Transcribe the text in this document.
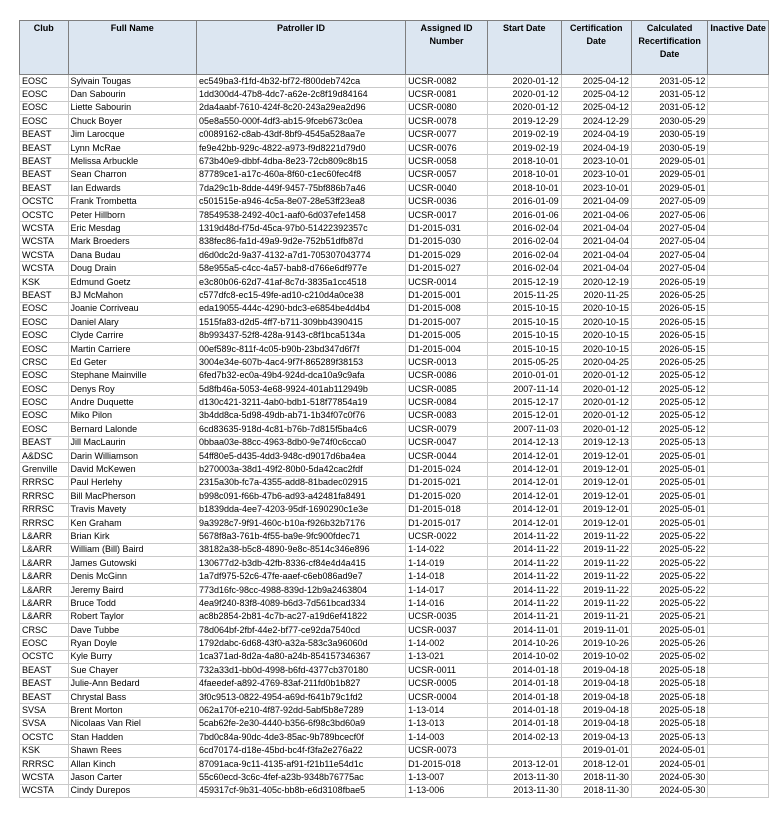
Club	Full Name	Patroller ID	Assigned ID Number	Start Date	Certification Date	Calculated Recertification Date	Inactive Date
EOSC	Sylvain Tougas	ec549ba3-f1fd-4b32-bf72-f800deb742ca	UCSR-0082	2020-01-12	2025-04-12	2031-05-12	
EOSC	Dan Sabourin	1dd300d4-47b8-4dc7-a62e-2c8f19d84164	UCSR-0081	2020-01-12	2025-04-12	2031-05-12	
EOSC	Liette Sabourin	2da4aabf-7610-424f-8c20-243a29ea2d96	UCSR-0080	2020-01-12	2025-04-12	2031-05-12	
EOSC	Chuck Boyer	05e8a550-000f-4df3-ab15-9fceb673c0ea	UCSR-0078	2019-12-29	2024-12-29	2030-05-29	
BEAST	Jim Larocque	c0089162-c8ab-43df-8bf9-4545a528aa7e	UCSR-0077	2019-02-19	2024-04-19	2030-05-19	
BEAST	Lynn McRae	fe9e42bb-929c-4822-a973-f9d8221d79d0	UCSR-0076	2019-02-19	2024-04-19	2030-05-19	
BEAST	Melissa Arbuckle	673b40e9-dbbf-4dba-8e23-72cb809c8b15	UCSR-0058	2018-10-01	2023-10-01	2029-05-01	
BEAST	Sean Charron	87789ce1-a17c-460a-8f60-c1ec60fec4f8	UCSR-0057	2018-10-01	2023-10-01	2029-05-01	
BEAST	Ian Edwards	7da29c1b-8dde-449f-9457-75bf886b7a46	UCSR-0040	2018-10-01	2023-10-01	2029-05-01	
OCSTC	Frank Trombetta	c501515e-a946-4c5a-8e07-28e53ff23ea8	UCSR-0036	2016-01-09	2021-04-09	2027-05-09	
OCSTC	Peter Hillborn	78549538-2492-40c1-aaf0-6d037efe1458	UCSR-0017	2016-01-06	2021-04-06	2027-05-06	
WCSTA	Eric Mesdag	1319d48d-f75d-45ca-97b0-51422392357c	D1-2015-031	2016-02-04	2021-04-04	2027-05-04	
WCSTA	Mark Broeders	838fec86-fa1d-49a9-9d2e-752b51dfb87d	D1-2015-030	2016-02-04	2021-04-04	2027-05-04	
WCSTA	Dana Budau	d6d0dc2d-9a37-4132-a7d1-705307043774	D1-2015-029	2016-02-04	2021-04-04	2027-05-04	
WCSTA	Doug Drain	58e955a5-c4cc-4a57-bab8-d766e6df977e	D1-2015-027	2016-02-04	2021-04-04	2027-05-04	
KSK	Edmund Goetz	e3c80b06-62d7-41af-8c7d-3835a1cc4518	UCSR-0014	2015-12-19	2020-12-19	2026-05-19	
BEAST	BJ McMahon	c577dfc8-ec15-49fe-ad10-c210d4a0ce38	D1-2015-001	2015-11-25	2020-11-25	2026-05-25	
EOSC	Joanie Corriveau	eda19055-444c-4290-bdc3-e6854be4d4b4	D1-2015-008	2015-10-15	2020-10-15	2026-05-15	
EOSC	Daniel Alary	1515fa83-d2d5-4ff7-b711-309bb4390415	D1-2015-007	2015-10-15	2020-10-15	2026-05-15	
EOSC	Clyde Carrire	8b993437-52f8-428a-9143-c8f1bca5134a	D1-2015-005	2015-10-15	2020-10-15	2026-05-15	
EOSC	Martin Carriere	00ef589c-811f-4c05-b90b-23bd347d6f7f	D1-2015-004	2015-10-15	2020-10-15	2026-05-15	
CRSC	Ed Geter	3004e34e-607b-4ac4-9f7f-865289f38153	UCSR-0013	2015-05-25	2020-04-25	2026-05-25	
EOSC	Stephane Mainville	6fed7b32-ec0a-49b4-924d-dca10a9c9afa	UCSR-0086	2010-01-01	2020-01-12	2025-05-12	
EOSC	Denys Roy	5d8fb46a-5053-4e68-9924-401ab112949b	UCSR-0085	2007-11-14	2020-01-12	2025-05-12	
EOSC	Andre Duquette	d130c421-3211-4ab0-bdb1-518f77854a19	UCSR-0084	2015-12-17	2020-01-12	2025-05-12	
EOSC	Miko Pilon	3b4dd8ca-5d98-49db-ab71-1b34f07c0f76	UCSR-0083	2015-12-01	2020-01-12	2025-05-12	
EOSC	Bernard Lalonde	6cd83635-918d-4c81-b76b-7d815f5ba4c6	UCSR-0079	2007-11-03	2020-01-12	2025-05-12	
BEAST	Jill MacLaurin	0bbaa03e-88cc-4963-8db0-9e74f0c6cca0	UCSR-0047	2014-12-13	2019-12-13	2025-05-13	
A&DSC	Darin Williamson	54ff80e5-d435-4dd3-948c-d9017d6ba4ea	UCSR-0044	2014-12-01	2019-12-01	2025-05-01	
Grenville	David McKewen	b270003a-38d1-49f2-80b0-5da42cac2fdf	D1-2015-024	2014-12-01	2019-12-01	2025-05-01	
RRRSC	Paul Herlehy	2315a30b-fc7a-4355-add8-81badec02915	D1-2015-021	2014-12-01	2019-12-01	2025-05-01	
RRRSC	Bill MacPherson	b998c091-f66b-47b6-ad93-a42481fa8491	D1-2015-020	2014-12-01	2019-12-01	2025-05-01	
RRRSC	Travis Mavety	b1839dda-4ee7-4203-95df-1690290c1e3e	D1-2015-018	2014-12-01	2019-12-01	2025-05-01	
RRRSC	Ken Graham	9a3928c7-9f91-460c-b10a-f926b32b7176	D1-2015-017	2014-12-01	2019-12-01	2025-05-01	
L&ARR	Brian Kirk	5678f8a3-761b-4f55-ba9e-9fc900fdec71	UCSR-0022	2014-11-22	2019-11-22	2025-05-22	
L&ARR	William (Bill) Baird	38182a38-b5c8-4890-9e8c-8514c346e896	1-14-022	2014-11-22	2019-11-22	2025-05-22	
L&ARR	James Gutowski	130677d2-b3db-42fb-8336-cf84e4d4a415	1-14-019	2014-11-22	2019-11-22	2025-05-22	
L&ARR	Denis McGinn	1a7df975-52c6-47fe-aaef-c6eb086ad9e7	1-14-018	2014-11-22	2019-11-22	2025-05-22	
L&ARR	Jeremy Baird	773d16fc-98cc-4988-839d-12b9a2463804	1-14-017	2014-11-22	2019-11-22	2025-05-22	
L&ARR	Bruce Todd	4ea9f240-83f8-4089-b6d3-7d561bcad334	1-14-016	2014-11-22	2019-11-22	2025-05-22	
L&ARR	Robert Taylor	ac8b2854-2b81-4c7b-ac27-a19d6ef41822	UCSR-0035	2014-11-21	2019-11-21	2025-05-21	
CRSC	Dave Tubbe	78d064bf-2fbf-44e2-bf77-ce92da7540cd	UCSR-0037	2014-11-01	2019-11-01	2025-05-01	
EOSC	Ryan Doyle	1792dabc-6d68-43f0-a32a-583c3a96060d	1-14-002	2014-10-26	2019-10-26	2025-05-26	
OCSTC	Kyle Burry	1ca371ad-8d2a-4a80-a24b-854157346367	1-13-021	2014-10-02	2019-10-02	2025-05-02	
BEAST	Sue Chayer	732a33d1-bb0d-4998-b6fd-4377cb370180	UCSR-0011	2014-01-18	2019-04-18	2025-05-18	
BEAST	Julie-Ann Bedard	4faeedef-a892-4769-83af-211fd0b1b827	UCSR-0005	2014-01-18	2019-04-18	2025-05-18	
BEAST	Chrystal Bass	3f0c9513-0822-4954-a69d-f641b79c1fd2	UCSR-0004	2014-01-18	2019-04-18	2025-05-18	
SVSA	Brent Morton	062a170f-e210-4f87-92dd-5abf5b8e7289	1-13-014	2014-01-18	2019-04-18	2025-05-18	
SVSA	Nicolaas Van Riel	5cab62fe-2e30-4440-b356-6f98c3bd60a9	1-13-013	2014-01-18	2019-04-18	2025-05-18	
OCSTC	Stan Hadden	7bd0c84a-90dc-4de3-85ac-9b789bcecf0f	1-14-003	2014-02-13	2019-04-13	2025-05-13	
KSK	Shawn Rees	6cd70174-d18e-45bd-bc4f-f3fa2e276a22	UCSR-0073		2019-01-01	2024-05-01	
RRRSC	Allan Kinch	87091aca-9c11-4135-af91-f21b11e54d1c	D1-2015-018	2013-12-01	2018-12-01	2024-05-01	
WCSTA	Jason Carter	55c60ecd-3c6c-4fef-a23b-9348b76775ac	1-13-007	2013-11-30	2018-11-30	2024-05-30	
WCSTA	Cindy Durepos	459317cf-9b31-405c-bb8b-e6d3108fbae5	1-13-006	2013-11-30	2018-11-30	2024-05-30	
